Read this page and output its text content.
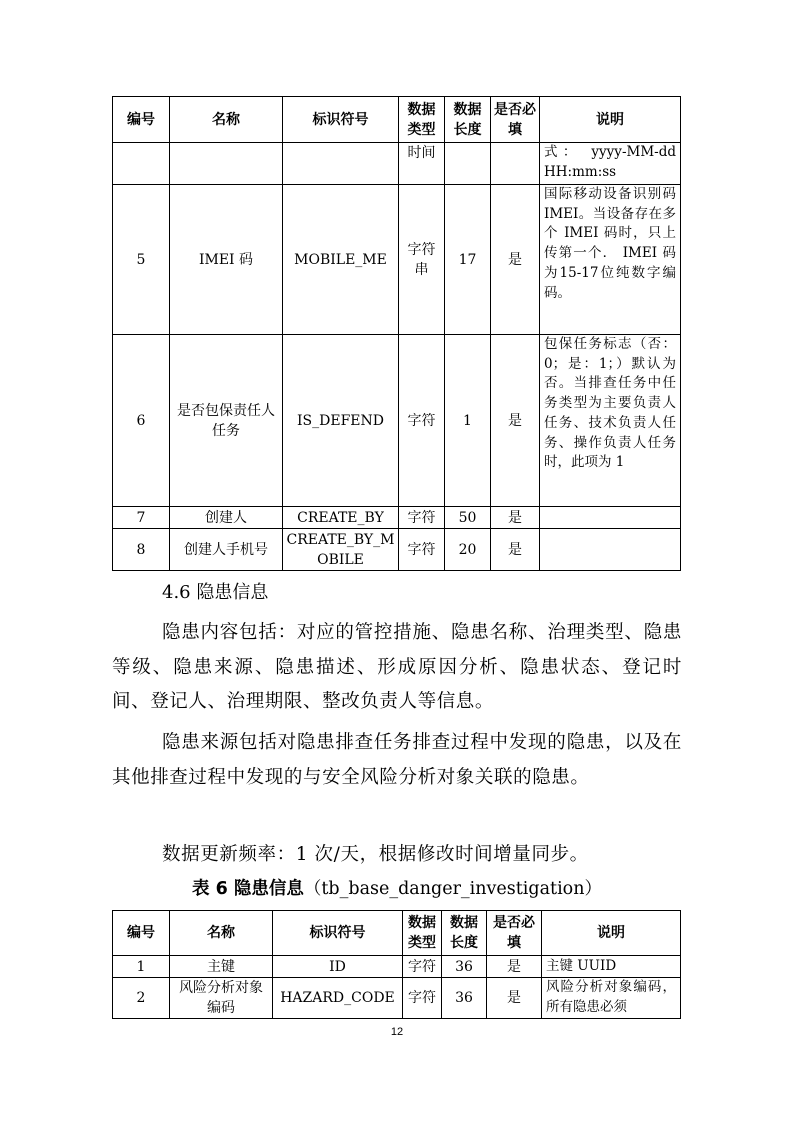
编号	名称	标识符号	数据类型	数据长度	是否必填	说明
			时间			式： yyyy-MM-dd HH:mm:ss
5	IMEI 码	MOBILE_ME	字符串	17	是	国际移动设备识别码 IMEI。当设备存在多个 IMEI 码时，只上传第一个． IMEI 码为15-17位纯数字编码。
6	是否包保责任人任务	IS_DEFEND	字符	1	是	包保任务标志（否：0；是：1；）默认为否。当排查任务中任务类型为主要负责人任务、技术负责人任务、操作负责人任务时，此项为 1
7	创建人	CREATE_BY	字符	50	是	
8	创建人手机号	CREATE_BY_MOBILE	字符	20	是	
4.6 隐患信息

隐患内容包括：对应的管控措施、隐患名称、治理类型、隐患等级、隐患来源、隐患描述、形成原因分析、隐患状态、登记时间、登记人、治理期限、整改负责人等信息。

隐患来源包括对隐患排查任务排查过程中发现的隐患，以及在其他排查过程中发现的与安全风险分析对象关联的隐患。

数据更新频率：1 次/天，根据修改时间增量同步。

表 6 隐患信息（tb_base_danger_investigation）
编号	名称	标识符号	数据类型	数据长度	是否必填	说明
1	主键	ID	字符	36	是	主键 UUID
2	风险分析对象编码	HAZARD_CODE	字符	36	是	风险分析对象编码，所有隐患必须
12
